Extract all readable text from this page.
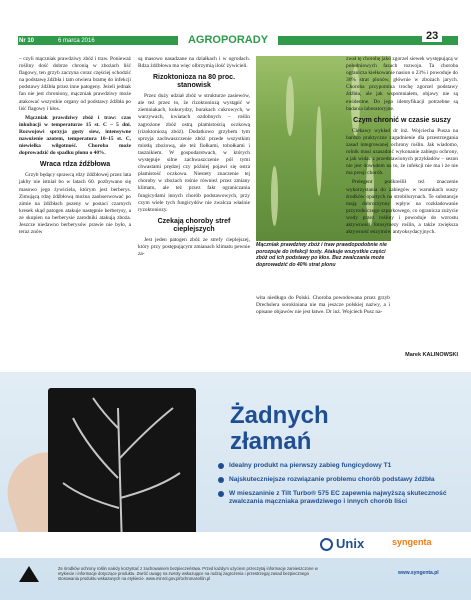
Nr 10	6 marca 2016	AGROPORADY	23

– czyli mączniak prawdziwy zbóż i traw. Ponieważ rośliny dość dobrze chronią w zbożach liść flagowy, ten grzyb zaczyna coraz częściej schodzić na podstawę źdźbła i tam otwiera bramę do infekcji podstawy źdźbła przez inne patogeny. Jeżeli jednak fan nie jest chroniony, mączniak prawdziwy może atakować wszystkie organy od podstawy źdźbła po liść flagowy i kłos.

Mączniak prawdziwy zbóż i traw: czas inkubacji w temperaturze 15 st. C – 5 dni. Rozwojowi sprzyja gęsty siew, intensywne nawożenie azotem, temperatura 10–15 st. C, niewielka wilgotność. Choroba może doprowadzić do spadku plonu o 40%.

Wraca rdza źdźbłowa

Grzyb będący sprawcą rdzy źdźbłowej przez lata jakby nie istniał bo w latach 60. pozbywano się masowo jego żywiciela, którym jest berberys. Zimującą rdzę źdźbłową można zaobserwować po zimie na źdźbłach pszeny w postaci czarnych kresek skąd patogen atakuje następnie berberysy, a ze skupien na berberysie zarodniki atakują zboża. Jeszcze niedawno berberysów prawie nie było, a teraz znów

są masowo nasadzane na działkach i w ogrodach. Rdza źdźbłowa ma więc olbrzymią ilość żywicieli.

Rizoktonioza na 80 proc. stanowisk

Przez duży udział zbóż w strukturze zasiewów, ale też przez to, że rizoktoniozą wystąpić w ziemniakach, kukurydzy, burakach cukrowych, w warzywach, kwiatach ozdobnych – roślin zagrożone zbóż ostrą plamistością oczkową (rizoktoniozą zbóż). Dodatkowo grzybem tym sprzyja zachwaszczenie zbóż przede wszystkim miotłą zbożową, ale też fiołkami, tobołkami i tasznikiem. W gospodarstwach, w których występuje silne zachwaszczenie pól tymi chwastami prędzej czy później pojawi się ostra plamistość oczkowa. Niestety znaczenie tej choroby w zbożach rośnie również przez zmiany klimatu, ale też przez fakt ograniczania fungicydami innych chorób podstawowych, przy czym wiele tych fungicydów nie zwalcza właśnie ryzoktoniozy.

Czekają choroby stref cieplejszych

Jest jeden patogen zbóż ze strefy cieplejszej, który przy postępującym zmianach klimatu pewnie za-

Mączniak prawdziwy zbóż i traw prawdopodobnie nie porozpuje do infekcji tosty. Atakuje wszystkie części zbóż od ich podstawy po kłos. Bez zwalczania może doprowadzić do 40% strat plonu

wita niedługo do Polski. Choroba powodowana przez grzyb Drechslera sorokiniana nie ma jeszcze polskiej nazwy, a i opisane objawów nie jest łatwe. Dr inż. Wojciech Pusz na-

zwał tę chorobę jako zgorzel siewek występującą w południowych fazach rozwoju. Ta choroba ogranicza kiełkowanie nasion o 23% i powoduje do 30% strat plonów, głównie w zbożach jarych. Choroba przypomina trochę zgorzel podstawy źdźbła, ale jak wspomniałem, objawy nie są ewidentne. Do jego identyfikacji potrzebne są badania laboratoryjne.

Czym chronić w czasie suszy

Ciekawy wykład dr inż. Wojciecha Pusza na bardzo praktyczne zagadnienie dla przestrzegania zasad integrowanej ochrony roślin. Jak wiadomo, rolnik musi uzasadnić wykonanie zabiegu ochrony, a jak widać z przedstawionych przykładów – sezon nie jest dowodem na to, że infekcji nie ma i że nie ma presji chorób.

Prelegent podkreślił też znaczenie wykorzystania do zabiegów w warunkach suszy środków opartych na strobilurynach. Te substancje mają dobroczynny wpływ na rozkładowanie przyrodniczego szparkowego, co ogranicza zużycie wody przez rośliny i powoduje do wzrostu aktywności fotosyntezy roślin, a także zwiększa aktywność enzymów antyoksydacyjnych.

Marek KALINOWSKI
Żadnych
złamań
Idealny produkt na pierwszy zabieg fungicydowy T1
Najskuteczniejsze rozwiązanie problemu chorób podstawy źdźbła
W mieszaninie z Tilt Turbo® 575 EC zapewnia najwyższą skuteczność zwalczania mączniaka prawdziwego i innych chorób liści
Unix	syngenta
Ze środków ochrony roślin należy korzystać z zachowaniem bezpieczeństwa. Przed każdym użyciem przeczytaj informacje zamieszczone w etykiecie i informacje dotyczące produktu. Zwróć uwagę na zwroty wskazujące na rodzaj zagrożenia i przestrzegaj zasad bezpiecznego stosowania produktu wskazanych na etykiecie. www.minrol.gov.pl/ochronaroślin.pl
www.syngenta.pl
